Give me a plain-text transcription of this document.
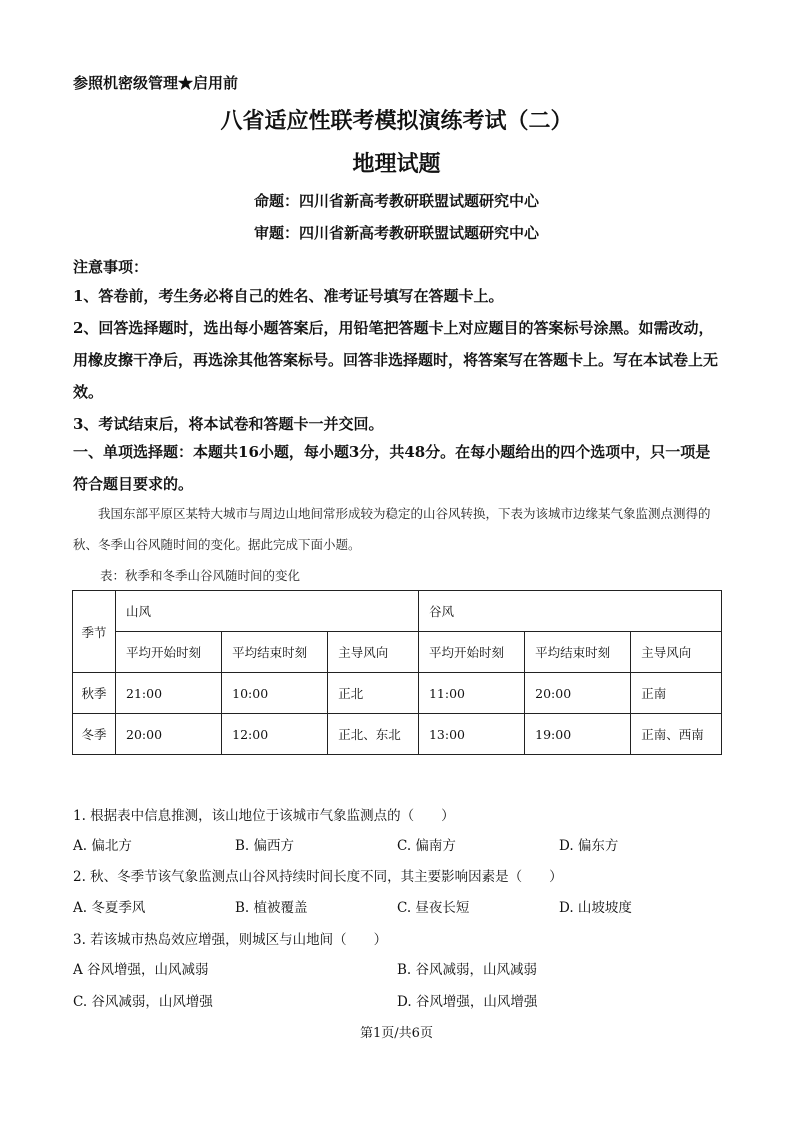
参照机密级管理★启用前
八省适应性联考模拟演练考试（二）
地理试题
命题：四川省新高考教研联盟试题研究中心
审题：四川省新高考教研联盟试题研究中心
注意事项：
1、答卷前，考生务必将自己的姓名、准考证号填写在答题卡上。
2、回答选择题时，选出每小题答案后，用铅笔把答题卡上对应题目的答案标号涂黑。如需改动，用橡皮擦干净后，再选涂其他答案标号。回答非选择题时，将答案写在答题卡上。写在本试卷上无效。
3、考试结束后，将本试卷和答题卡一并交回。
一、单项选择题：本题共16小题，每小题3分，共48分。在每小题给出的四个选项中，只一项是符合题目要求的。
我国东部平原区某特大城市与周边山地间常形成较为稳定的山谷风转换，下表为该城市边缘某气象监测点测得的秋、冬季山谷风随时间的变化。据此完成下面小题。
表：秋季和冬季山谷风随时间的变化
季节	山风			谷风		
	平均开始时刻	平均结束时刻	主导风向	平均开始时刻	平均结束时刻	主导风向
秋季	21:00	10:00	正北	11:00	20:00	正南
冬季	20:00	12:00	正北、东北	13:00	19:00	正南、西南
1. 根据表中信息推测，该山地位于该城市气象监测点的（　　）
A. 偏北方	B. 偏西方	C. 偏南方	D. 偏东方
2. 秋、冬季节该气象监测点山谷风持续时间长度不同，其主要影响因素是（　　）
A. 冬夏季风	B. 植被覆盖	C. 昼夜长短	D. 山坡坡度
3. 若该城市热岛效应增强，则城区与山地间（　　）
A 谷风增强，山风减弱	B. 谷风减弱，山风减弱
C. 谷风减弱，山风增强	D. 谷风增强，山风增强
第1页/共6页
